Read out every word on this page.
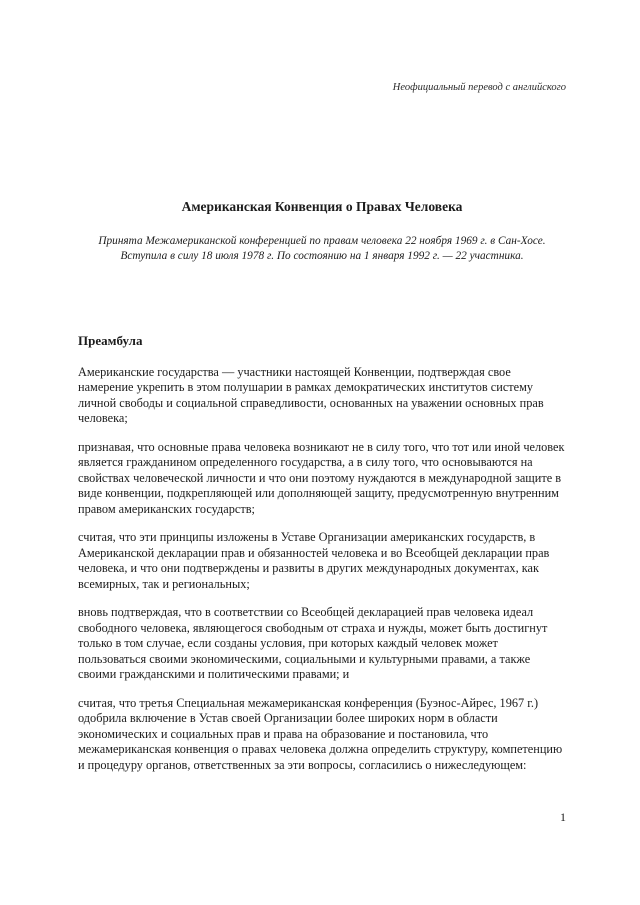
Неофициальный перевод с английского
Американская Конвенция о Правах Человека

Принята Межамериканской конференцией по правам человека 22 ноября 1969 г. в Сан-Хосе. Вступила в силу 18 июля 1978 г. По состоянию на 1 января 1992 г. — 22 участника.

Преамбула

Американские государства — участники настоящей Конвенции, подтверждая свое намерение укрепить в этом полушарии в рамках демократических институтов систему личной свободы и социальной справедливости, основанных на уважении основных прав человека;

признавая, что основные права человека возникают не в силу того, что тот или иной человек является гражданином определенного государства, а в силу того, что основываются на свойствах человеческой личности и что они поэтому нуждаются в международной защите в виде конвенции, подкрепляющей или дополняющей защиту, предусмотренную внутренним правом американских государств;

считая, что эти принципы изложены в Уставе Организации американских государств, в Американской декларации прав и обязанностей человека и во Всеобщей декларации прав человека, и что они подтверждены и развиты в других международных документах, как всемирных, так и региональных;

вновь подтверждая, что в соответствии со Всеобщей декларацией прав человека идеал свободного человека, являющегося свободным от страха и нужды, может быть достигнут только в том случае, если созданы условия, при которых каждый человек может пользоваться своими экономическими, социальными и культурными правами, а также своими гражданскими и политическими правами; и

считая, что третья Специальная межамериканская конференция (Буэнос-Айрес, 1967 г.) одобрила включение в Устав своей Организации более широких норм в области экономических и социальных прав и права на образование и постановила, что межамериканская конвенция о правах человека должна определить структуру, компетенцию и процедуру органов, ответственных за эти вопросы, согласились о нижеследующем:

1
